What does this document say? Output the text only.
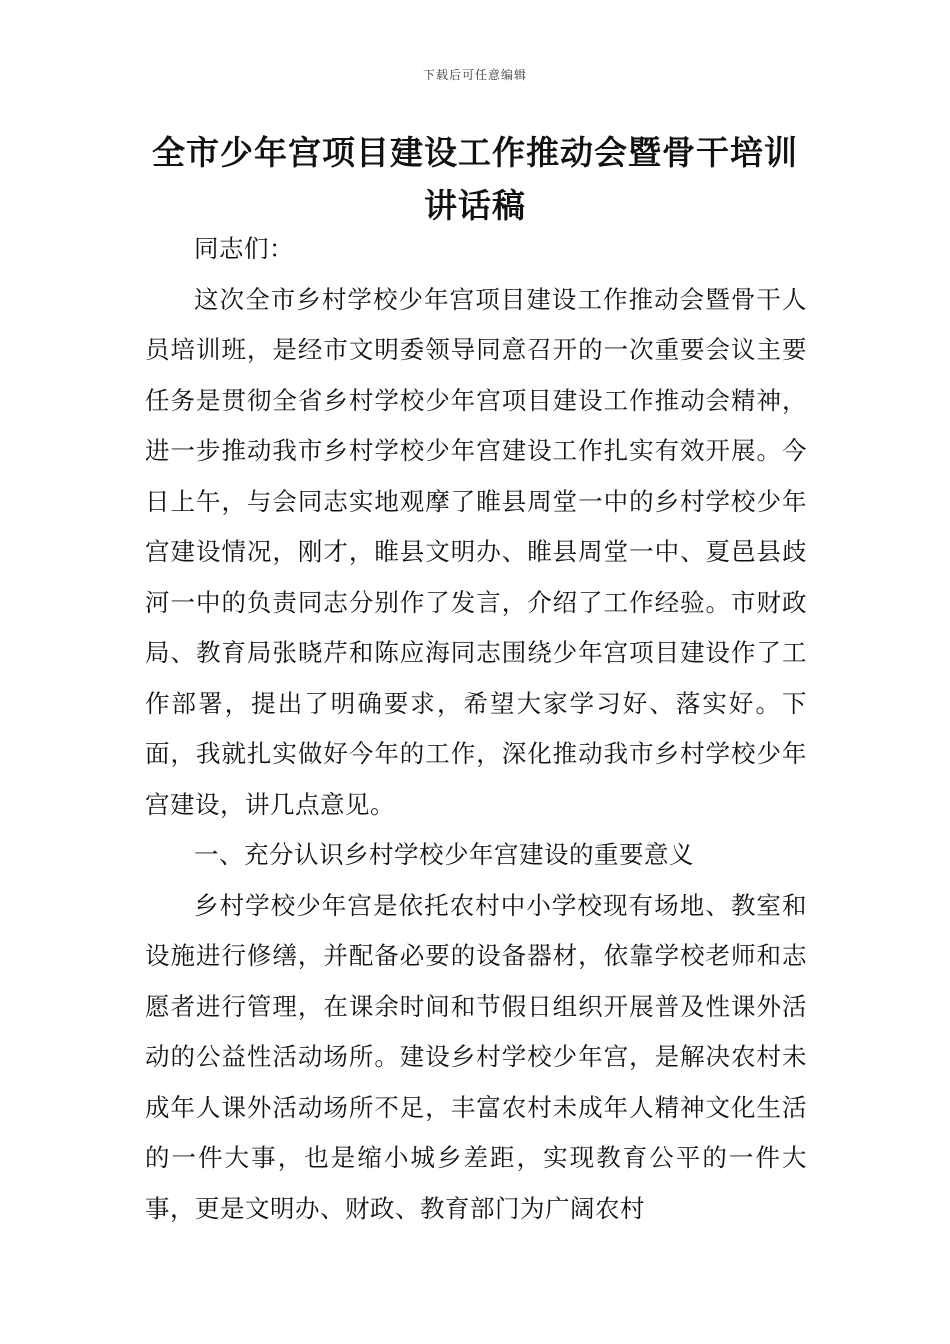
下载后可任意编辑
全市少年宫项目建设工作推动会暨骨干培训讲话稿

同志们：

这次全市乡村学校少年宫项目建设工作推动会暨骨干人员培训班，是经市文明委领导同意召开的一次重要会议主要任务是贯彻全省乡村学校少年宫项目建设工作推动会精神，进一步推动我市乡村学校少年宫建设工作扎实有效开展。今日上午，与会同志实地观摩了睢县周堂一中的乡村学校少年宫建设情况，刚才，睢县文明办、睢县周堂一中、夏邑县歧河一中的负责同志分别作了发言，介绍了工作经验。市财政局、教育局张晓芹和陈应海同志围绕少年宫项目建设作了工作部署，提出了明确要求，希望大家学习好、落实好。下面，我就扎实做好今年的工作，深化推动我市乡村学校少年宫建设，讲几点意见。

一、充分认识乡村学校少年宫建设的重要意义

乡村学校少年宫是依托农村中小学校现有场地、教室和设施进行修缮，并配备必要的设备器材，依靠学校老师和志愿者进行管理，在课余时间和节假日组织开展普及性课外活动的公益性活动场所。建设乡村学校少年宫，是解决农村未成年人课外活动场所不足，丰富农村未成年人精神文化生活的一件大事，也是缩小城乡差距，实现教育公平的一件大事，更是文明办、财政、教育部门为广阔农村
